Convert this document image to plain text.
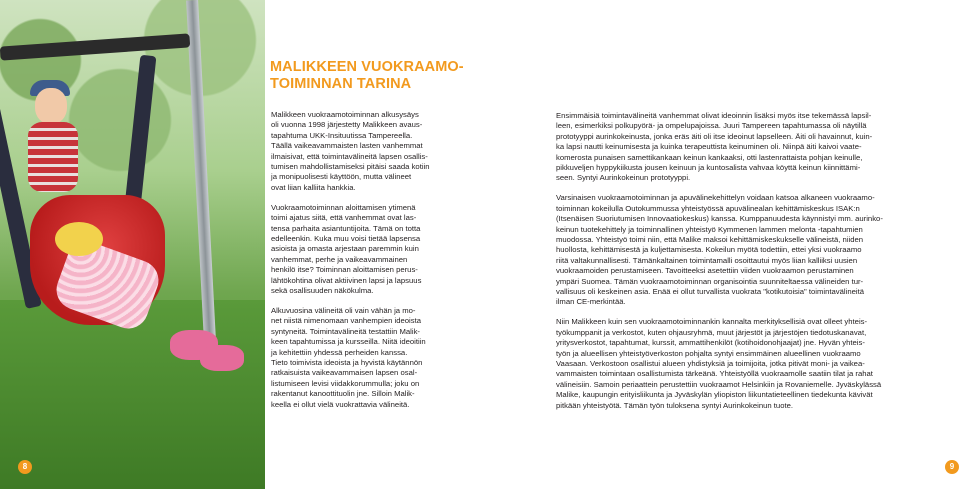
MALIKKEEN VUOKRAAMO-
TOIMINNAN TARINA

Malikkeen vuokraamotoiminnan alkusysäys
oli vuonna 1998 järjestetty Malikkeen avaus-
tapahtuma UKK-Insituutissa Tampereella.
Täällä vaikeavammaisten lasten vanhemmat
ilmaisivat, että toimintavälineitä lapsen osallis-
tumisen mahdollistamiseksi pitäisi saada kotiin
ja monipuolisesti käyttöön, mutta välineet
ovat liian kalliita hankkia.

Vuokraamotoiminnan aloittamisen ytimenä
toimi ajatus siitä, että vanhemmat ovat las-
tensa parhaita asiantuntijoita. Tämä on totta
edelleenkin. Kuka muu voisi tietää lapsensa
asioista ja omasta arjestaan paremmin kuin
vanhemmat, perhe ja vaikeavammainen
henkilö itse? Toiminnan aloittamisen perus-
lähtökohtina olivat aktiivinen lapsi ja lapsuus
sekä osallisuuden näkökulma.

Alkuvuosina välineitä oli vain vähän ja mo-
net niistä nimenomaan vanhempien ideoista
syntyneitä. Toimintavälineitä testattiin Malik-
keen tapahtumissa ja kursseilla. Niitä ideoitiin
ja kehitettiin yhdessä perheiden kanssa.
Tieto toimivista ideoista ja hyvistä käytännön
ratkaisuista vaikeavammaisen lapsen osal-
listumiseen levisi viidakkorummulla; joku on
rakentanut kanoottituolin jne. Silloin Malik-
keella ei ollut vielä vuokrattavia välineitä.

Ensimmäisiä toimintavälineitä vanhemmat olivat ideoinnin lisäksi myös itse tekemässä lapsil-
leen, esimerkiksi polkupyörä- ja ompelupajoissa. Juuri Tampereen tapahtumassa oli näytillä
prototyyppi aurinkokeinusta, jonka eräs äiti oli itse ideoinut lapselleen. Äiti oli havainnut, kuin-
ka lapsi nautti keinumisesta ja kuinka terapeuttista keinuminen oli. Niinpä äiti kaivoi vaate-
komerosta punaisen samettikankaan keinun kankaaksi, otti lastenrattaista pohjan keinulle,
pikkuveljen hyppykiikusta jousen keinuun ja kuntosalista vahvaa köyttä keinun kiinnittämi-
seen. Syntyi Aurinkokeinun prototyyppi.

Varsinaisen vuokraamotoiminnan ja apuvälinekehittelyn voidaan katsoa alkaneen vuokraamo-
toiminnan kokeilulla Outokummussa yhteistyössä apuvälinealan kehittämiskeskus ISAK:n
(Itsenäisen Suoriutumisen Innovaatiokeskus) kanssa. Kumppanuudesta käynnistyi mm. aurinko-
keinun tuotekehittely ja toiminnallinen yhteistyö Kymmenen lammen melonta -tapahtumien
muodossa. Yhteistyö toimi niin, että Malike maksoi kehittämiskeskukselle välineistä, niiden
huollosta, kehittämisestä ja kuljettamisesta. Kokeilun myötä todettiin, ettei yksi vuokraamo
riitä valtakunnallisesti. Tämänkaltainen toimintamalli osoittautui myös liian kalliiksi uusien
vuokraamoiden perustamiseen. Tavoitteeksi asetettiin viiden vuokraamon perustaminen
ympäri Suomea. Tämän vuokraamotoiminnan organisointia suunniteltaessa välineiden tur-
vallisuus oli keskeinen asia. Enää ei ollut turvallista vuokrata "kotikutoisia" toimintavälineitä
ilman CE-merkintää.

Niin Malikkeen kuin sen vuokraamotoiminnankin kannalta merkityksellisiä ovat olleet yhteis-
työkumppanit ja verkostot, kuten ohjausryhmä, muut järjestöt ja järjestöjen tiedotuskanavat,
yritysverkostot, tapahtumat, kurssit, ammattihenkilöt (kotihoidonohjaajat) jne. Hyvän yhteis-
työn ja alueellisen yhteistyöverkoston pohjalta syntyi ensimmäinen alueellinen vuokraamo
Vaasaan. Verkostoon osallistui alueen yhdistyksiä ja toimijoita, jotka pitivät moni- ja vaikea-
vammaisten toimintaan osallistumista tärkeänä. Yhteistyöllä vuokraamolle saatiin tilat ja rahat
välineisiin. Samoin periaattein perustettiin vuokraamot Helsinkiin ja Rovaniemelle. Jyväskylässä
Malike, kaupungin erityisliikunta ja Jyväskylän yliopiston liikuntatieteellinen tiedekunta kävivät
pitkään yhteistyötä. Tämän työn tuloksena syntyi Aurinkokeinun tuote.

8	9
